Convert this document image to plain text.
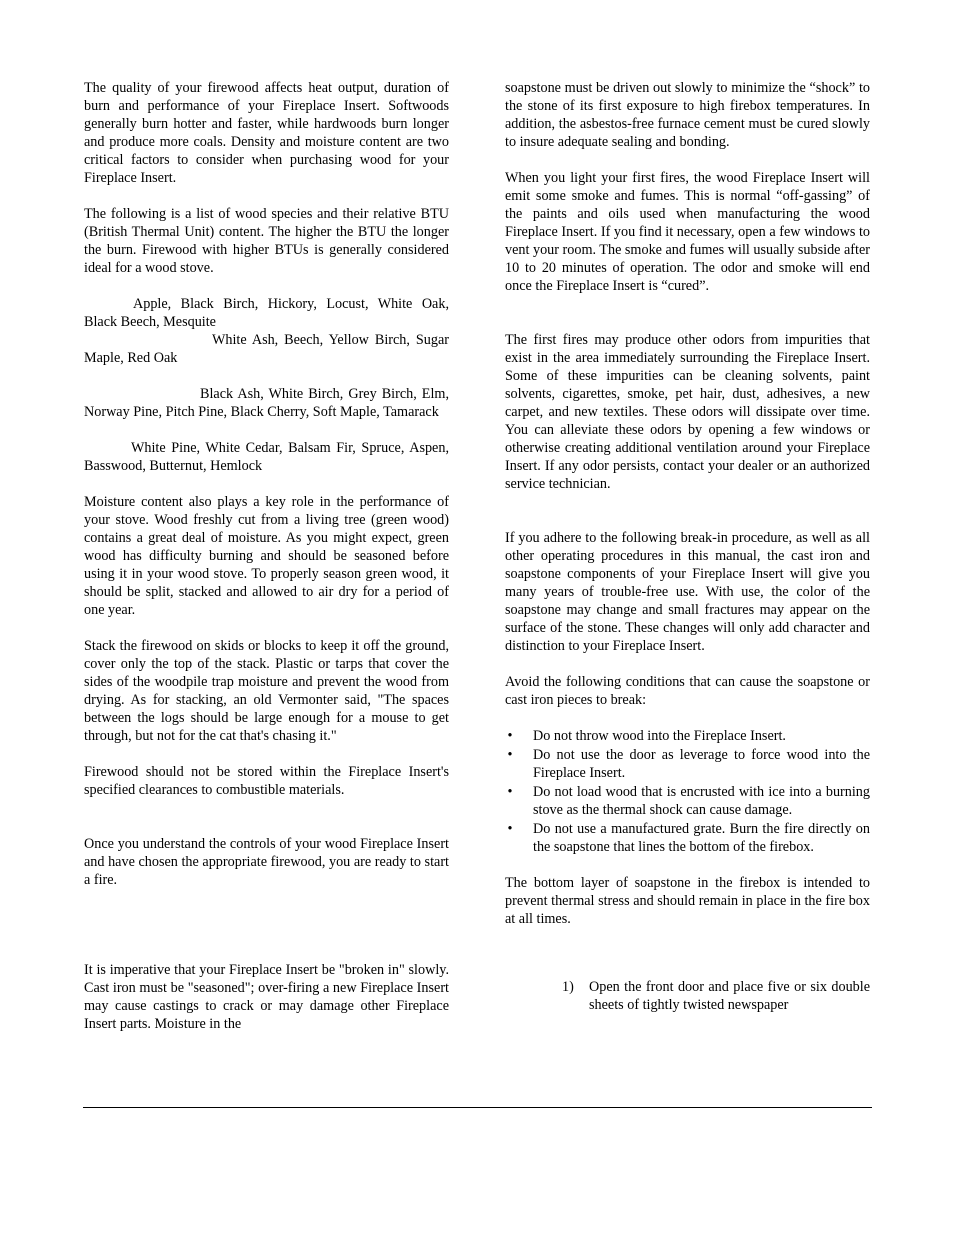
The quality of your firewood affects heat output, duration of burn and performance of your Fireplace Insert. Softwoods generally burn hotter and faster, while hardwoods burn longer and produce more coals. Density and moisture content are two critical factors to consider when purchasing wood for your Fireplace Insert.

The following is a list of wood species and their relative BTU (British Thermal Unit) content. The higher the BTU the longer the burn. Firewood with higher BTUs is generally considered ideal for a wood stove.

Apple, Black Birch, Hickory, Locust, White Oak, Black Beech, Mesquite

White Ash, Beech, Yellow Birch, Sugar Maple, Red Oak

Black Ash, White Birch, Grey Birch, Elm, Norway Pine, Pitch Pine, Black Cherry, Soft Maple, Tamarack

White Pine, White Cedar, Balsam Fir, Spruce, Aspen, Basswood, Butternut, Hemlock

Moisture content also plays a key role in the performance of your stove. Wood freshly cut from a living tree (green wood) contains a great deal of moisture. As you might expect, green wood has difficulty burning and should be seasoned before using it in your wood stove. To properly season green wood, it should be split, stacked and allowed to air dry for a period of one year.

Stack the firewood on skids or blocks to keep it off the ground, cover only the top of the stack. Plastic or tarps that cover the sides of the woodpile trap moisture and prevent the wood from drying. As for stacking, an old Vermonter said, "The spaces between the logs should be large enough for a mouse to get through, but not for the cat that's chasing it."

Firewood should not be stored within the Fireplace Insert's specified clearances to combustible materials.

Once you understand the controls of your wood Fireplace Insert and have chosen the appropriate firewood, you are ready to start a fire.

It is imperative that your Fireplace Insert be "broken in" slowly. Cast iron must be "seasoned"; over-firing a new Fireplace Insert may cause castings to crack or may damage other Fireplace Insert parts. Moisture in the

soapstone must be driven out slowly to minimize the “shock” to the stone of its first exposure to high firebox temperatures. In addition, the asbestos-free furnace cement must be cured slowly to insure adequate sealing and bonding.

When you light your first fires, the wood Fireplace Insert will emit some smoke and fumes. This is normal “off-gassing” of the paints and oils used when manufacturing the wood Fireplace Insert. If you find it necessary, open a few windows to vent your room. The smoke and fumes will usually subside after 10 to 20 minutes of operation. The odor and smoke will end once the Fireplace Insert is “cured”.

The first fires may produce other odors from impurities that exist in the area immediately surrounding the Fireplace Insert. Some of these impurities can be cleaning solvents, paint solvents, cigarettes, smoke, pet hair, dust, adhesives, a new carpet, and new textiles. These odors will dissipate over time. You can alleviate these odors by opening a few windows or otherwise creating additional ventilation around your Fireplace Insert. If any odor persists, contact your dealer or an authorized service technician.

If you adhere to the following break-in procedure, as well as all other operating procedures in this manual, the cast iron and soapstone components of your Fireplace Insert will give you many years of trouble-free use. With use, the color of the soapstone may change and small fractures may appear on the surface of the stone. These changes will only add character and distinction to your Fireplace Insert.

Avoid the following conditions that can cause the soapstone or cast iron pieces to break:

• Do not throw wood into the Fireplace Insert.
• Do not use the door as leverage to force wood into the Fireplace Insert.
• Do not load wood that is encrusted with ice into a burning stove as the thermal shock can cause damage.
• Do not use a manufactured grate. Burn the fire directly on the soapstone that lines the bottom of the firebox.

The bottom layer of soapstone in the firebox is intended to prevent thermal stress and should remain in place in the fire box at all times.

1) Open the front door and place five or six double sheets of tightly twisted newspaper
